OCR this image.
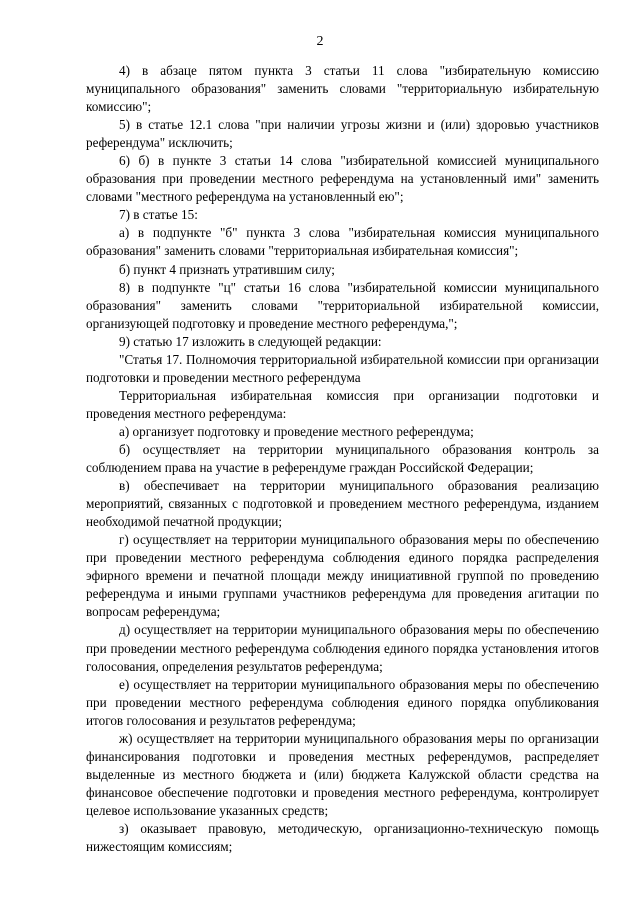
2

4) в абзаце пятом пункта 3 статьи 11 слова "избирательную комиссию муниципального образования" заменить словами "территориальную избирательную комиссию";

5) в статье 12.1 слова "при наличии угрозы жизни и (или) здоровью участников референдума" исключить;

6) б) в пункте 3 статьи 14 слова "избирательной комиссией муниципального образования при проведении местного референдума на установленный ими" заменить словами "местного референдума на установленный ею";

7) в статье 15:

а) в подпункте "б" пункта 3 слова "избирательная комиссия муниципального образования" заменить словами "территориальная избирательная комиссия";

б) пункт 4 признать утратившим силу;

8) в подпункте "ц" статьи 16 слова "избирательной комиссии муниципального образования" заменить словами "территориальной избирательной комиссии, организующей подготовку и проведение местного референдума,";

9) статью 17 изложить в следующей редакции:

"Статья 17. Полномочия территориальной избирательной комиссии при организации подготовки и проведении местного референдума

Территориальная избирательная комиссия при организации подготовки и проведения местного референдума:

а) организует подготовку и проведение местного референдума;

б) осуществляет на территории муниципального образования контроль за соблюдением права на участие в референдуме граждан Российской Федерации;

в) обеспечивает на территории муниципального образования реализацию мероприятий, связанных с подготовкой и проведением местного референдума, изданием необходимой печатной продукции;

г) осуществляет на территории муниципального образования меры по обеспечению при проведении местного референдума соблюдения единого порядка распределения эфирного времени и печатной площади между инициативной группой по проведению референдума и иными группами участников референдума для проведения агитации по вопросам референдума;

д) осуществляет на территории муниципального образования меры по обеспечению при проведении местного референдума соблюдения единого порядка установления итогов голосования, определения результатов референдума;

е) осуществляет на территории муниципального образования меры по обеспечению при проведении местного референдума соблюдения единого порядка опубликования итогов голосования и результатов референдума;

ж) осуществляет на территории муниципального образования меры по организации финансирования подготовки и проведения местных референдумов, распределяет выделенные из местного бюджета и (или) бюджета Калужской области средства на финансовое обеспечение подготовки и проведения местного референдума, контролирует целевое использование указанных средств;

з) оказывает правовую, методическую, организационно-техническую помощь нижестоящим комиссиям;
